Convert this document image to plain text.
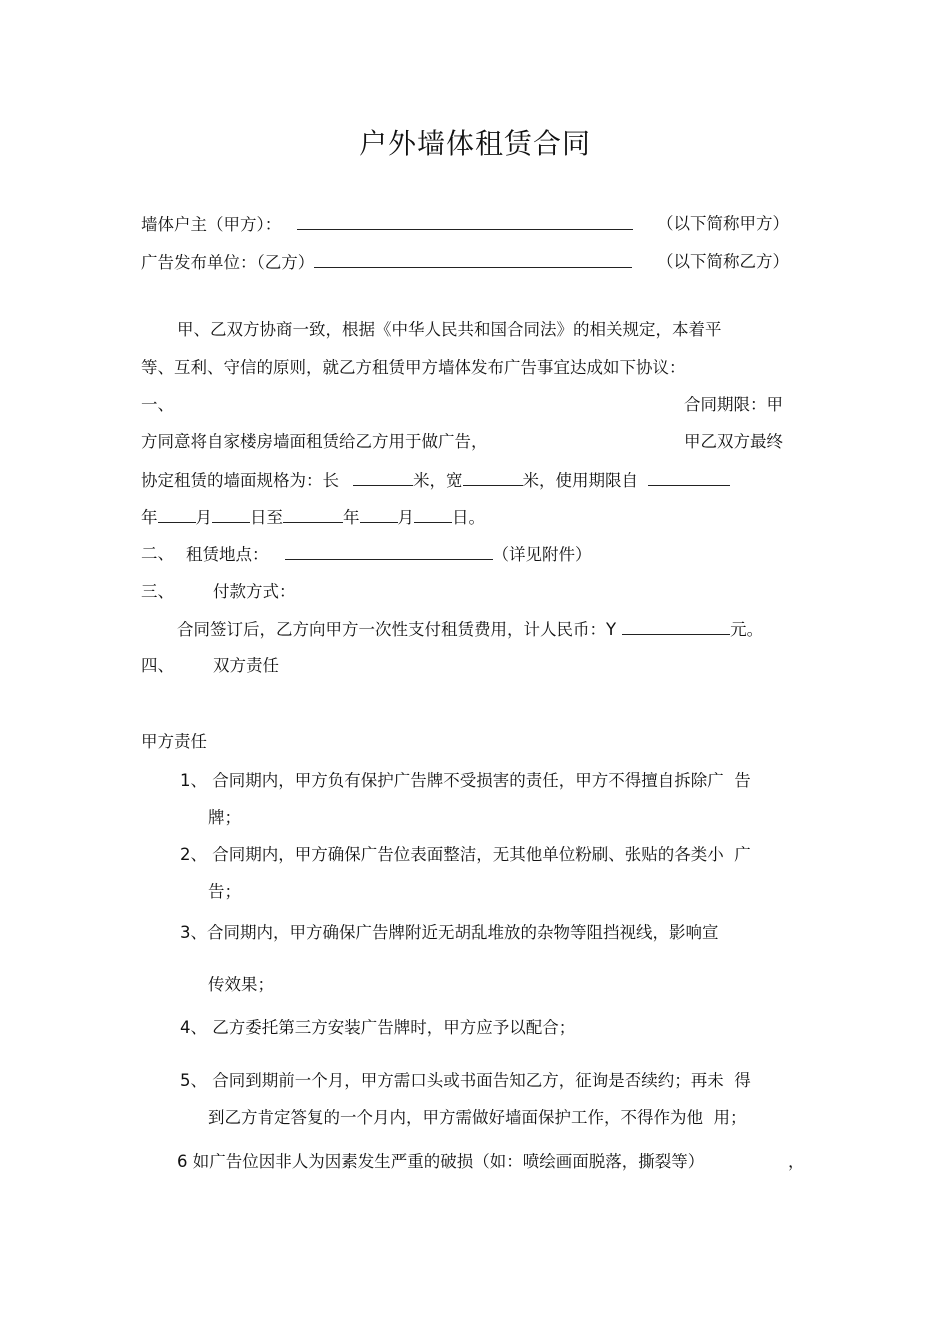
户外墙体租赁合同
墙体户主（甲方）：	（以下简称甲方）
广告发布单位：（乙方）	（以下简称乙方）
甲、乙双方协商一致，根据《中华人民共和国合同法》的相关规定，本着平
等、互利、守信的原则，就乙方租赁甲方墙体发布广告事宜达成如下协议：
一、	合同期限：甲
方同意将自家楼房墙面租赁给乙方用于做广告，	甲乙双方最终
协定租赁的墙面规格为：长	米，宽	米，使用期限自
年 月 日至	年 月 日。
二、 租赁地点：	（详见附件）
三、 付款方式：
合同签订后，乙方向甲方一次性支付租赁费用，计人民币：Y	元。
四、 双方责任
甲方责任
1、 合同期内，甲方负有保护广告牌不受损害的责任，甲方不得擅自拆除广  告
牌；
2、 合同期内，甲方确保广告位表面整洁，无其他单位粉刷、张贴的各类小  广
告；
3、合同期内，甲方确保广告牌附近无胡乱堆放的杂物等阻挡视线，影响宣
传效果；
4、 乙方委托第三方安装广告牌时，甲方应予以配合；
5、 合同到期前一个月，甲方需口头或书面告知乙方，征询是否续约；再未  得
到乙方肯定答复的一个月内，甲方需做好墙面保护工作，不得作为他  用；
6 如广告位因非人为因素发生严重的破损（如：喷绘画面脱落，撕裂等）	，
